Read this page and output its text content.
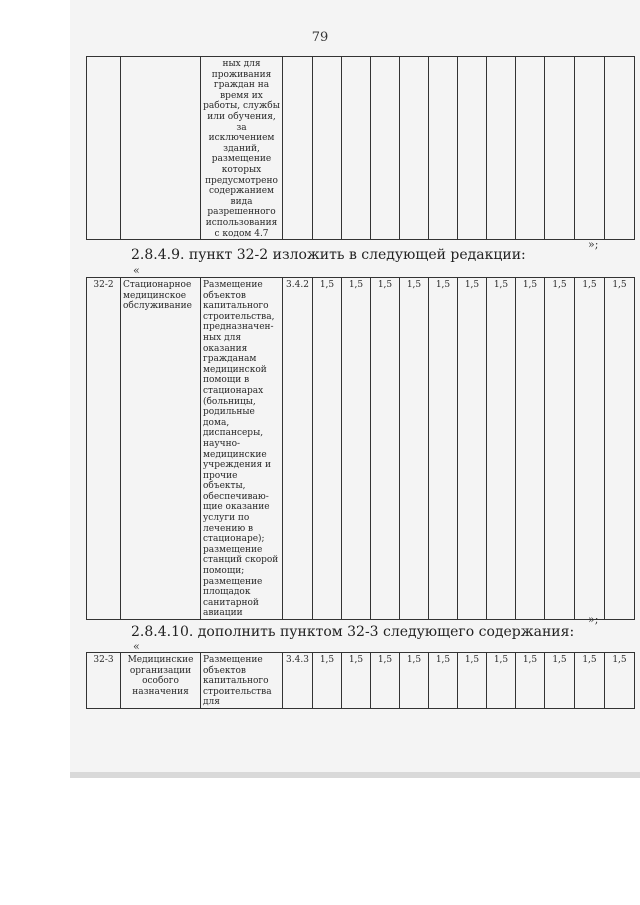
79
		ных для проживания граждан на время их работы, службы или обучения, за исключением зданий, размещение которых предусмотрено содержанием вида разрешенного использования с кодом 4.7												
»;
2.8.4.9. пункт 32-2 изложить в следующей редакции:
«
32-2	Стационарное медицинское обслуживание	Размещение объектов капитального строительства, предназначен-ных для оказания гражданам медицинской помощи в стационарах (больницы, родильные дома, диспансеры, научно-медицинские учреждения и прочие объекты, обеспечиваю-щие оказание услуги по лечению в стационаре); размещение станций скорой помощи; размещение площадок санитарной авиации	3.4.2	1,5	1,5	1,5	1,5	1,5	1,5	1,5	1,5	1,5	1,5	1,5
»;
2.8.4.10. дополнить пунктом 32-3 следующего содержания:
«
32-3	Медицинские организации особого назначения	Размещение объектов капитального строительства для	3.4.3	1,5	1,5	1,5	1,5	1,5	1,5	1,5	1,5	1,5	1,5	1,5
